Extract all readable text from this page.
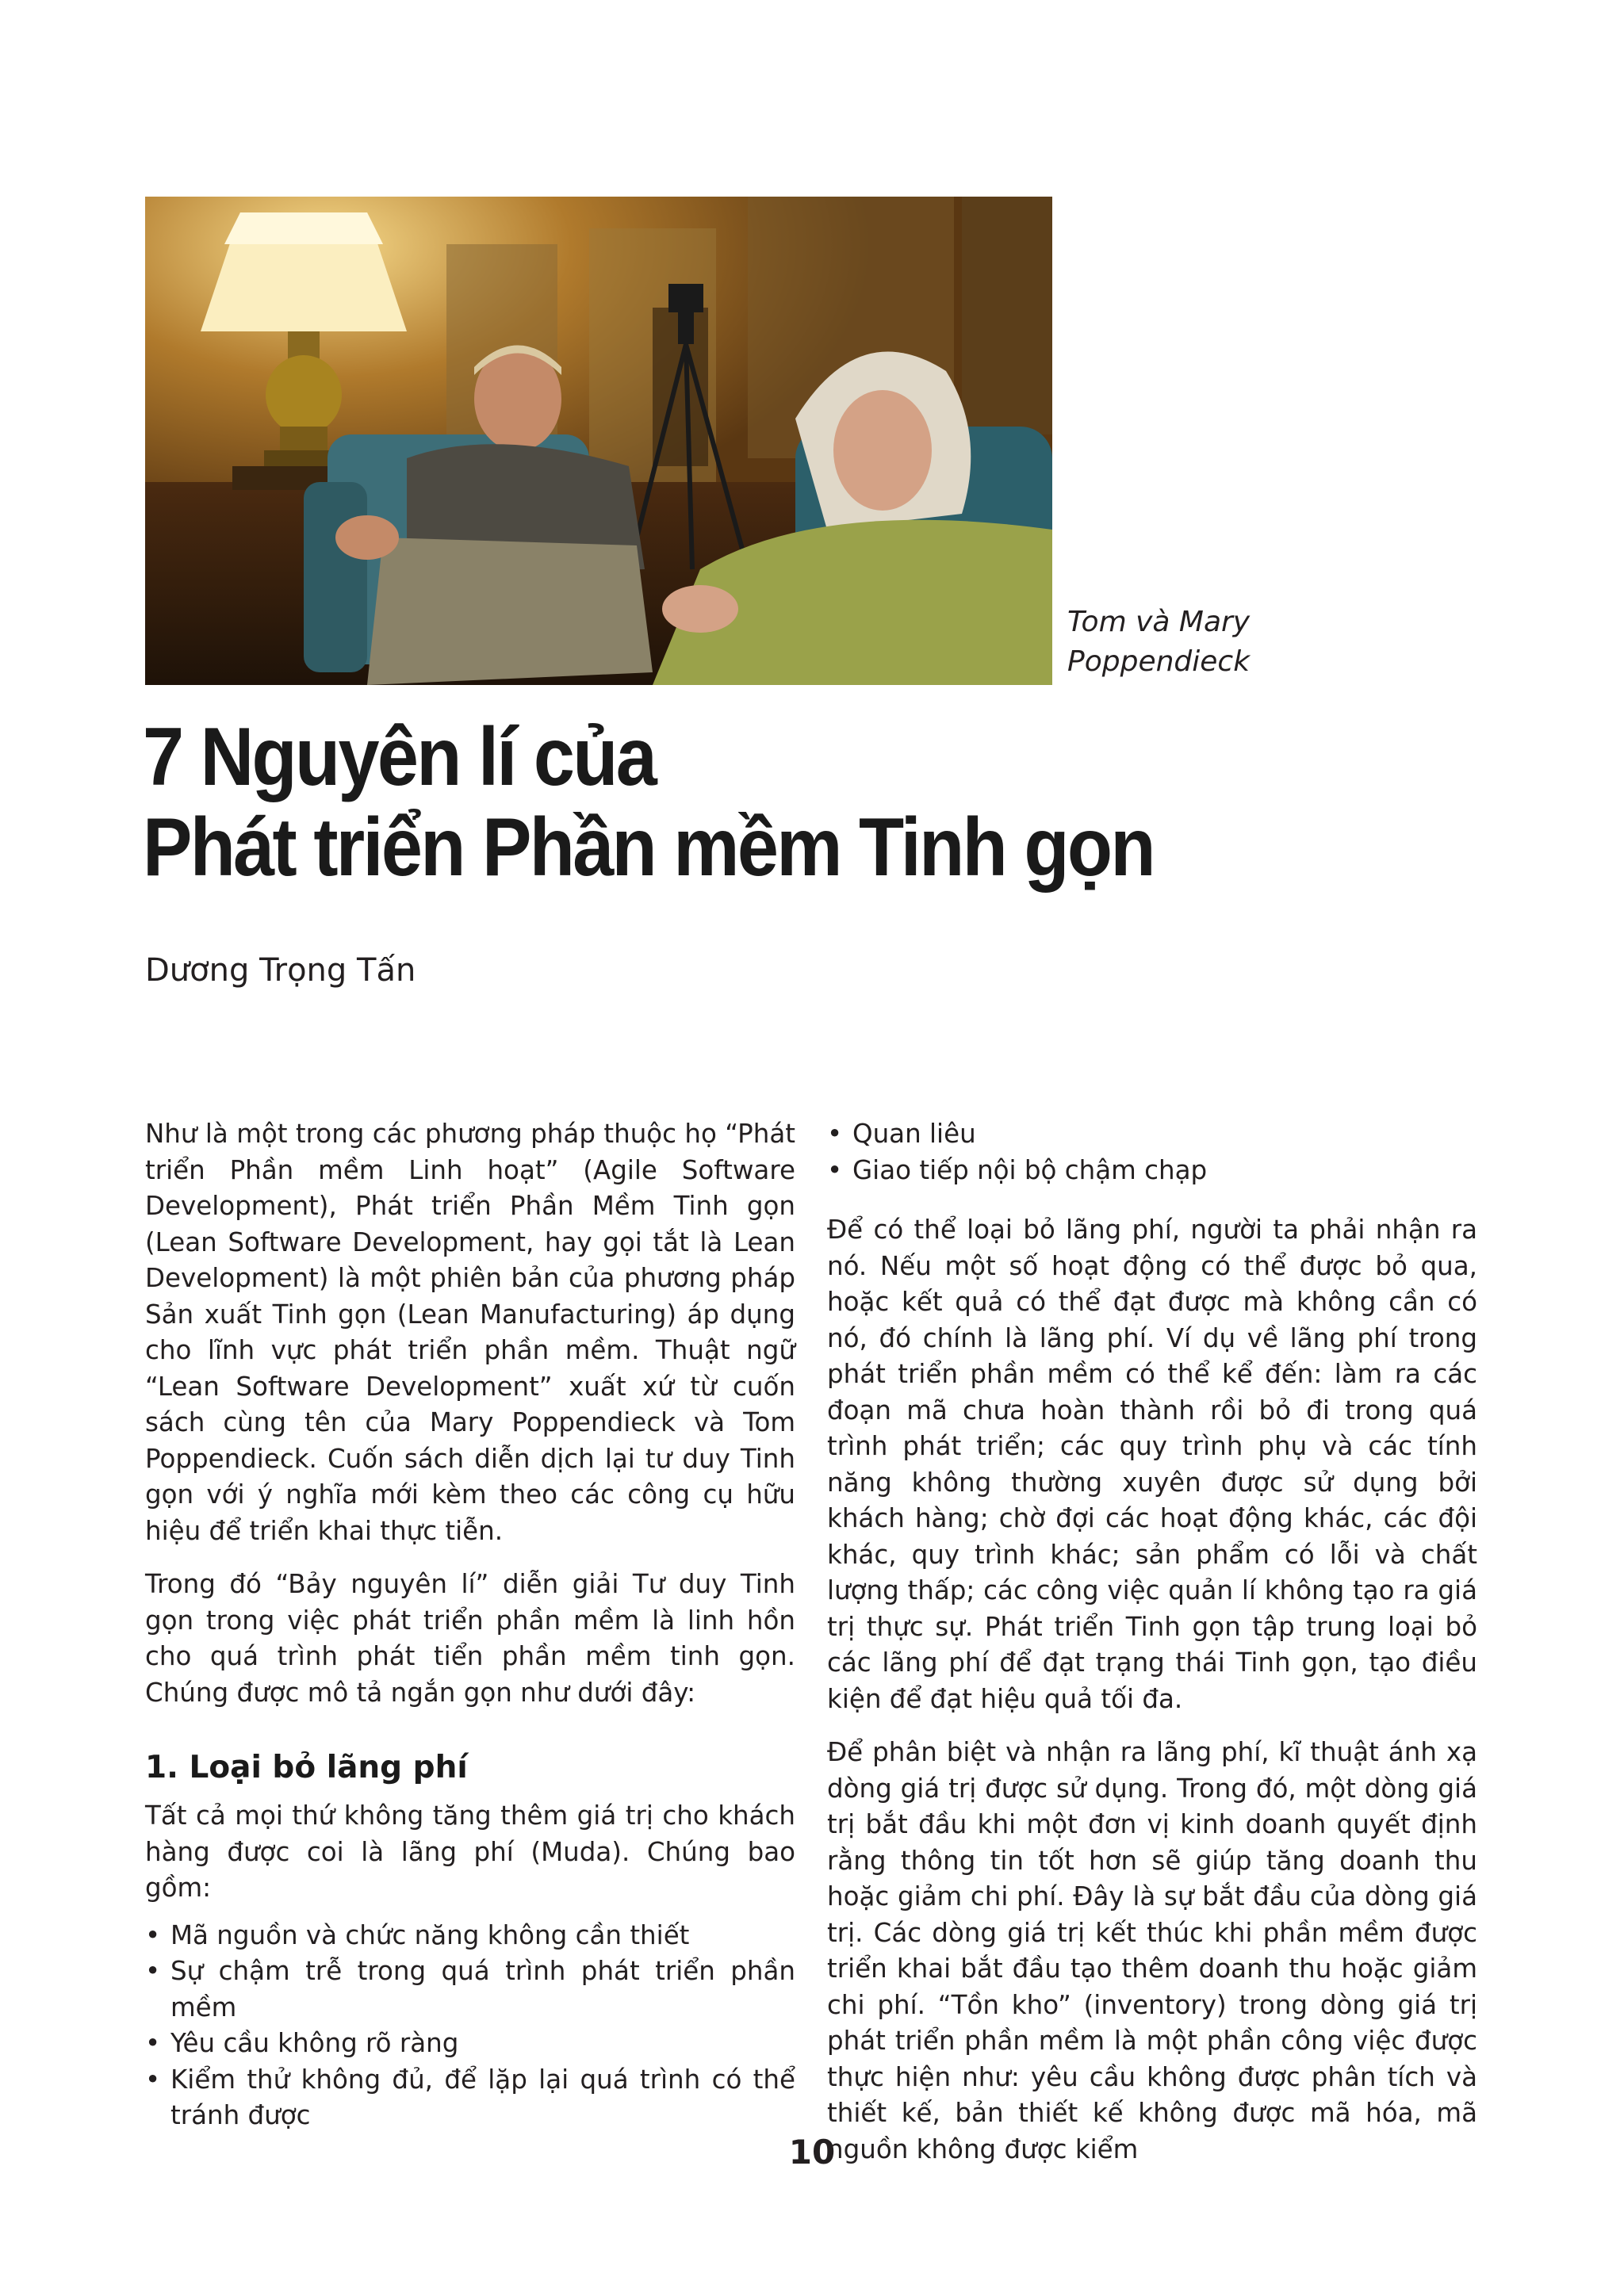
Tom và Mary
Poppendieck
7 Nguyên lí của
Phát triển Phần mềm Tinh gọn
Dương Trọng Tấn

Như là một trong các phương pháp thuộc họ “Phát triển Phần mềm Linh hoạt” (Agile Software Development), Phát triển Phần Mềm Tinh gọn (Lean Software Development, hay gọi tắt là Lean Development) là một phiên bản của phương pháp Sản xuất Tinh gọn (Lean Manufacturing) áp dụng cho lĩnh vực phát triển phần mềm. Thuật ngữ “Lean Software Development” xuất xứ từ cuốn sách cùng tên của Mary Poppendieck và Tom Poppendieck. Cuốn sách diễn dịch lại tư duy Tinh gọn với ý nghĩa mới kèm theo các công cụ hữu hiệu để triển khai thực tiễn.

Trong đó “Bảy nguyên lí” diễn giải Tư duy Tinh gọn trong việc phát triển phần mềm là linh hồn cho quá trình phát tiển phần mềm tinh gọn. Chúng được mô tả ngắn gọn như dưới đây:

1. Loại bỏ lãng phí

Tất cả mọi thứ không tăng thêm giá trị cho khách hàng được coi là lãng phí (Muda). Chúng bao gồm:

• Mã nguồn và chức năng không cần thiết
• Sự chậm trễ trong quá trình phát triển phần mềm
• Yêu cầu không rõ ràng
• Kiểm thử không đủ, để lặp lại quá trình có thể tránh được
• Quan liêu
• Giao tiếp nội bộ chậm chạp

Để có thể loại bỏ lãng phí, người ta phải nhận ra nó. Nếu một số hoạt động có thể được bỏ qua, hoặc kết quả có thể đạt được mà không cần có nó, đó chính là lãng phí. Ví dụ về lãng phí trong phát triển phần mềm có thể kể đến: làm ra các đoạn mã chưa hoàn thành rồi bỏ đi trong quá trình phát triển; các quy trình phụ và các tính năng không thường xuyên được sử dụng bởi khách hàng; chờ đợi các hoạt động khác, các đội khác, quy trình khác; sản phẩm có lỗi và chất lượng thấp; các công việc quản lí không tạo ra giá trị thực sự. Phát triển Tinh gọn tập trung loại bỏ các lãng phí để đạt trạng thái Tinh gọn, tạo điều kiện để đạt hiệu quả tối đa.

Để phân biệt và nhận ra lãng phí, kĩ thuật ánh xạ dòng giá trị được sử dụng. Trong đó, một dòng giá trị bắt đầu khi một đơn vị kinh doanh quyết định rằng thông tin tốt hơn sẽ giúp tăng doanh thu hoặc giảm chi phí. Đây là sự bắt đầu của dòng giá trị. Các dòng giá trị kết thúc khi phần mềm được triển khai bắt đầu tạo thêm doanh thu hoặc giảm chi phí. “Tồn kho” (inventory) trong dòng giá trị phát triển phần mềm là một phần công việc được thực hiện như: yêu cầu không được phân tích và thiết kế, bản thiết kế không được mã hóa, mã nguồn không được kiểm

10
